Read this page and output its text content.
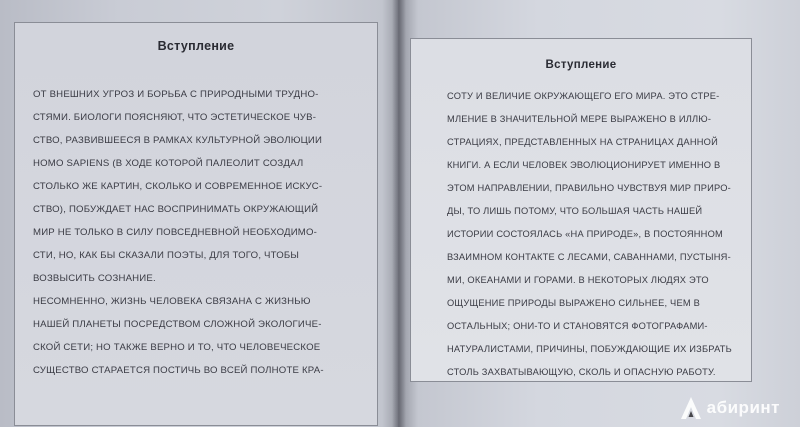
Вступление
ОТ ВНЕШНИХ УГРОЗ И БОРЬБА С ПРИРОДНЫМИ ТРУДНО-
СТЯМИ. БИОЛОГИ ПОЯСНЯЮТ, ЧТО ЭСТЕТИЧЕСКОЕ ЧУВ-
СТВО, РАЗВИВШЕЕСЯ В РАМКАХ КУЛЬТУРНОЙ ЭВОЛЮЦИИ
HOMO SAPIENS (В ХОДЕ КОТОРОЙ ПАЛЕОЛИТ СОЗДАЛ
СТОЛЬКО ЖЕ КАРТИН, СКОЛЬКО И СОВРЕМЕННОЕ ИСКУС-
СТВО), ПОБУЖДАЕТ НАС ВОСПРИНИМАТЬ ОКРУЖАЮЩИЙ
МИР НЕ ТОЛЬКО В СИЛУ ПОВСЕДНЕВНОЙ НЕОБХОДИМО-
СТИ, НО, КАК БЫ СКАЗАЛИ ПОЭТЫ, ДЛЯ ТОГО, ЧТОБЫ
ВОЗВЫСИТЬ СОЗНАНИЕ.
НЕСОМНЕННО, ЖИЗНЬ ЧЕЛОВЕКА СВЯЗАНА С ЖИЗНЬЮ
НАШЕЙ ПЛАНЕТЫ ПОСРЕДСТВОМ СЛОЖНОЙ ЭКОЛОГИЧЕ-
СКОЙ СЕТИ; НО ТАКЖЕ ВЕРНО И ТО, ЧТО ЧЕЛОВЕЧЕСКОЕ
СУЩЕСТВО СТАРАЕТСЯ ПОСТИЧЬ ВО ВСЕЙ ПОЛНОТЕ КРА-
Вступление
СОТУ И ВЕЛИЧИЕ ОКРУЖАЮЩЕГО ЕГО МИРА. ЭТО СТРЕ-
МЛЕНИЕ В ЗНАЧИТЕЛЬНОЙ МЕРЕ ВЫРАЖЕНО В ИЛЛЮ-
СТРАЦИЯХ, ПРЕДСТАВЛЕННЫХ НА СТРАНИЦАХ ДАННОЙ
КНИГИ. А ЕСЛИ ЧЕЛОВЕК ЭВОЛЮЦИОНИРУЕТ ИМЕННО В
ЭТОМ НАПРАВЛЕНИИ, ПРАВИЛЬНО ЧУВСТВУЯ МИР ПРИРО-
ДЫ, ТО ЛИШЬ ПОТОМУ, ЧТО БОЛЬШАЯ ЧАСТЬ НАШЕЙ
ИСТОРИИ СОСТОЯЛАСЬ «НА ПРИРОДЕ», В ПОСТОЯННОМ
ВЗАИМНОМ КОНТАКТЕ С ЛЕСАМИ, САВАННАМИ, ПУСТЫНЯ-
МИ, ОКЕАНАМИ И ГОРАМИ. В НЕКОТОРЫХ ЛЮДЯХ ЭТО
ОЩУЩЕНИЕ ПРИРОДЫ ВЫРАЖЕНО СИЛЬНЕЕ, ЧЕМ В
ОСТАЛЬНЫХ; ОНИ-ТО И СТАНОВЯТСЯ ФОТОГРАФАМИ-
НАТУРАЛИСТАМИ, ПРИЧИНЫ, ПОБУЖДАЮЩИЕ ИХ ИЗБРАТЬ
СТОЛЬ ЗАХВАТЫВАЮЩУЮ, СКОЛЬ И ОПАСНУЮ РАБОТУ.
абиринт
